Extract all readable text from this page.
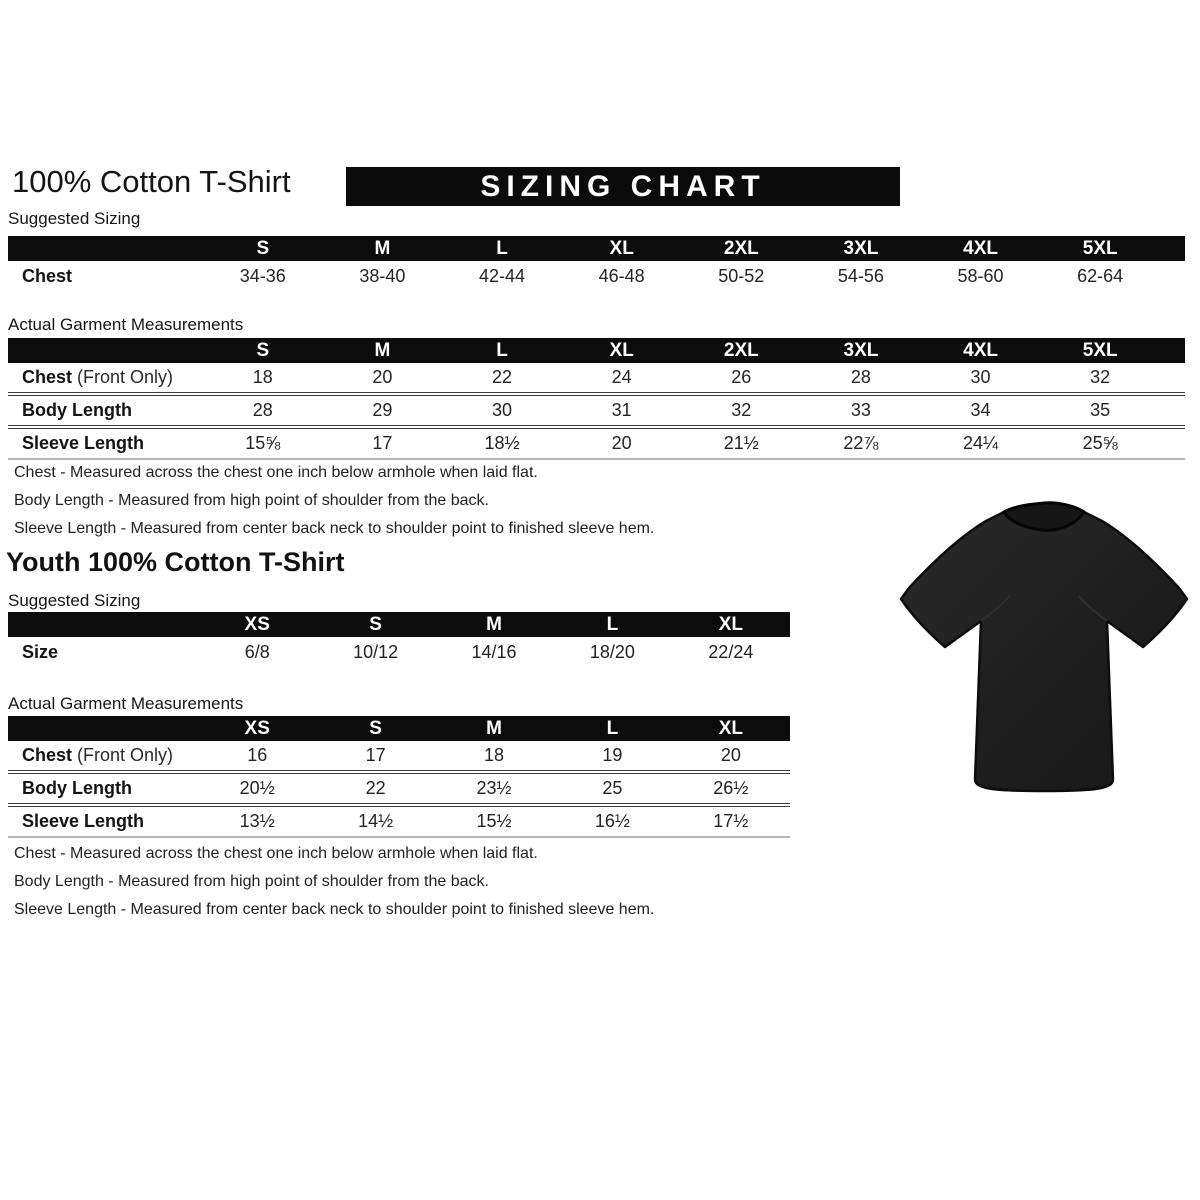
100% Cotton T-Shirt	SIZING CHART
Suggested Sizing
S	M	L	XL	2XL	3XL	4XL	5XL
Chest	34-36	38-40	42-44	46-48	50-52	54-56	58-60	62-64
Actual Garment Measurements
S	M	L	XL	2XL	3XL	4XL	5XL
Chest (Front Only)	18	20	22	24	26	28	30	32
Body Length	28	29	30	31	32	33	34	35
Sleeve Length	15⅝	17	18½	20	21½	22⅞	24¼	25⅝
Chest - Measured across the chest one inch below armhole when laid flat.
Body Length - Measured from high point of shoulder from the back.
Sleeve Length - Measured from center back neck to shoulder point to finished sleeve hem.
Youth 100% Cotton T-Shirt
Suggested Sizing
XS	S	M	L	XL
Size	6/8	10/12	14/16	18/20	22/24
Actual Garment Measurements
XS	S	M	L	XL
Chest (Front Only)	16	17	18	19	20
Body Length	20½	22	23½	25	26½
Sleeve Length	13½	14½	15½	16½	17½
Chest - Measured across the chest one inch below armhole when laid flat.
Body Length - Measured from high point of shoulder from the back.
Sleeve Length - Measured from center back neck to shoulder point to finished sleeve hem.
